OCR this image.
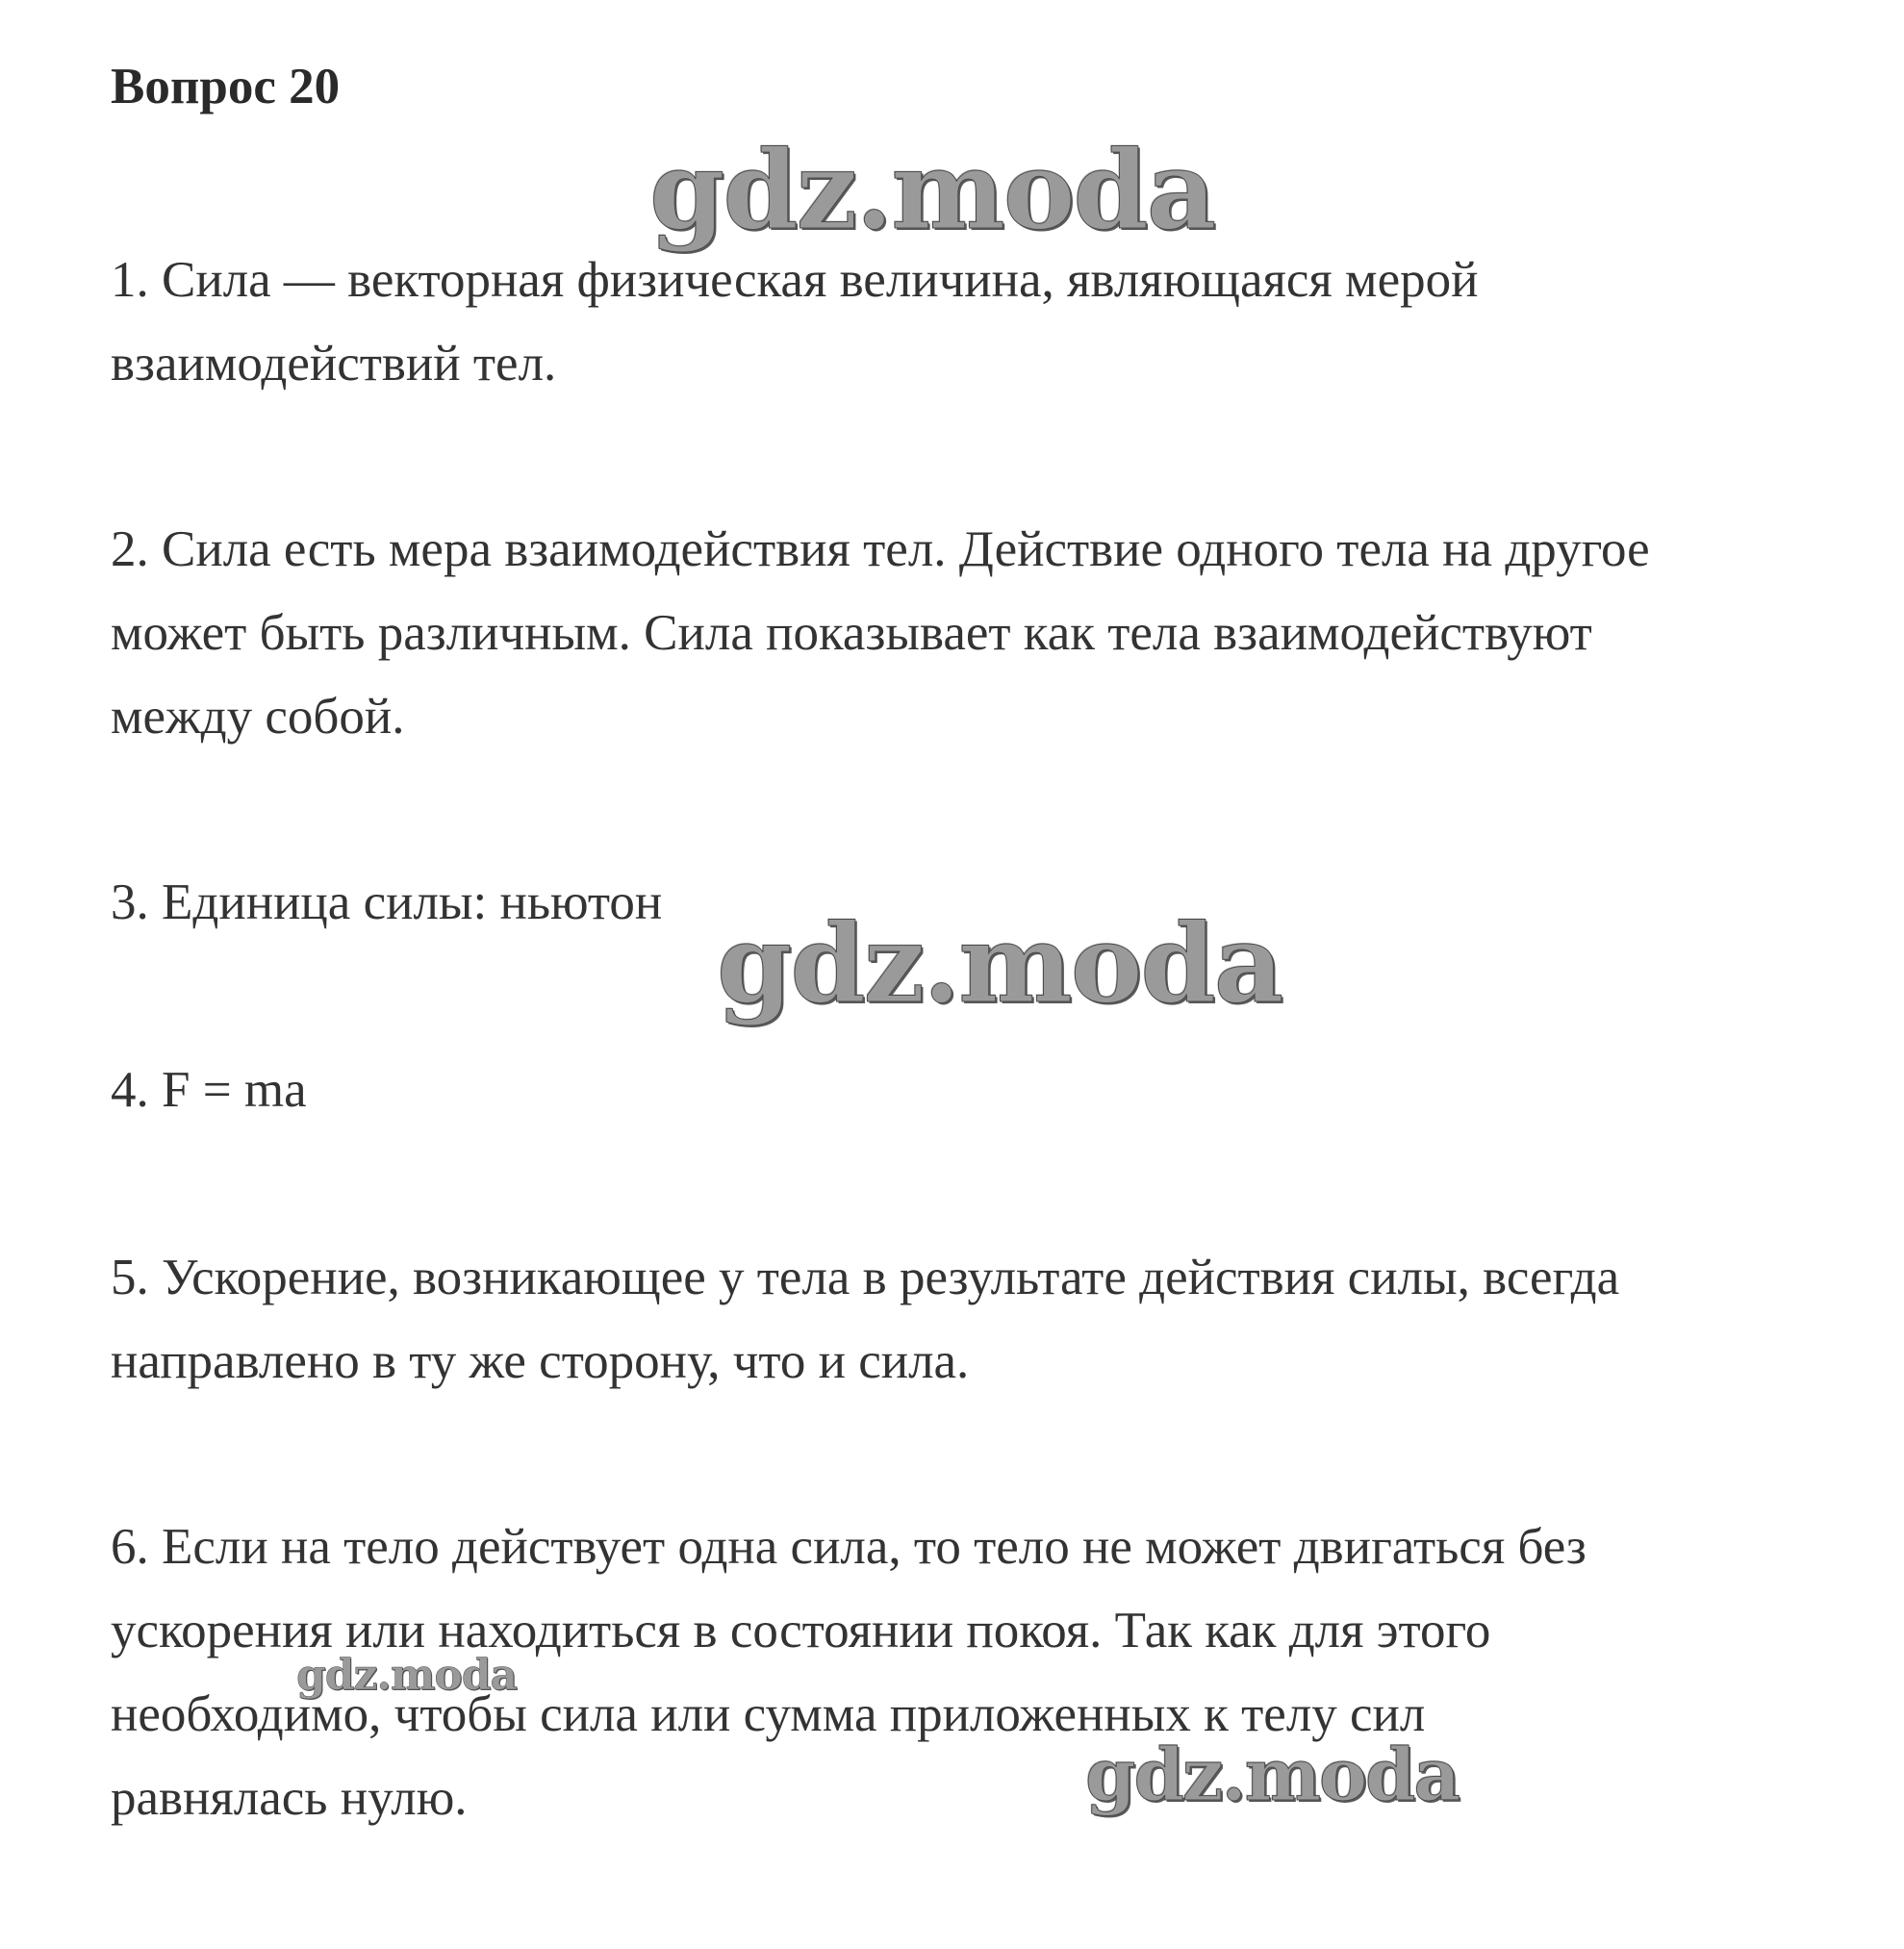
Вопрос 20
1. Сила — векторная физическая величина, являющаяся мерой
взаимодействий тел.
2. Сила есть мера взаимодействия тел. Действие одного тела на другое
может быть различным. Сила показывает как тела взаимодействуют
между собой.
3. Единица силы: ньютон
4. F = ma
5. Ускорение, возникающее у тела в результате действия силы, всегда
направлено в ту же сторону, что и сила.
6. Если на тело действует одна сила, то тело не может двигаться без
ускорения или находиться в состоянии покоя. Так как для этого
необходимо, чтобы сила или сумма приложенных к телу сил
равнялась нулю.
gdz.moda
gdz.moda
gdz.moda
gdz.moda
